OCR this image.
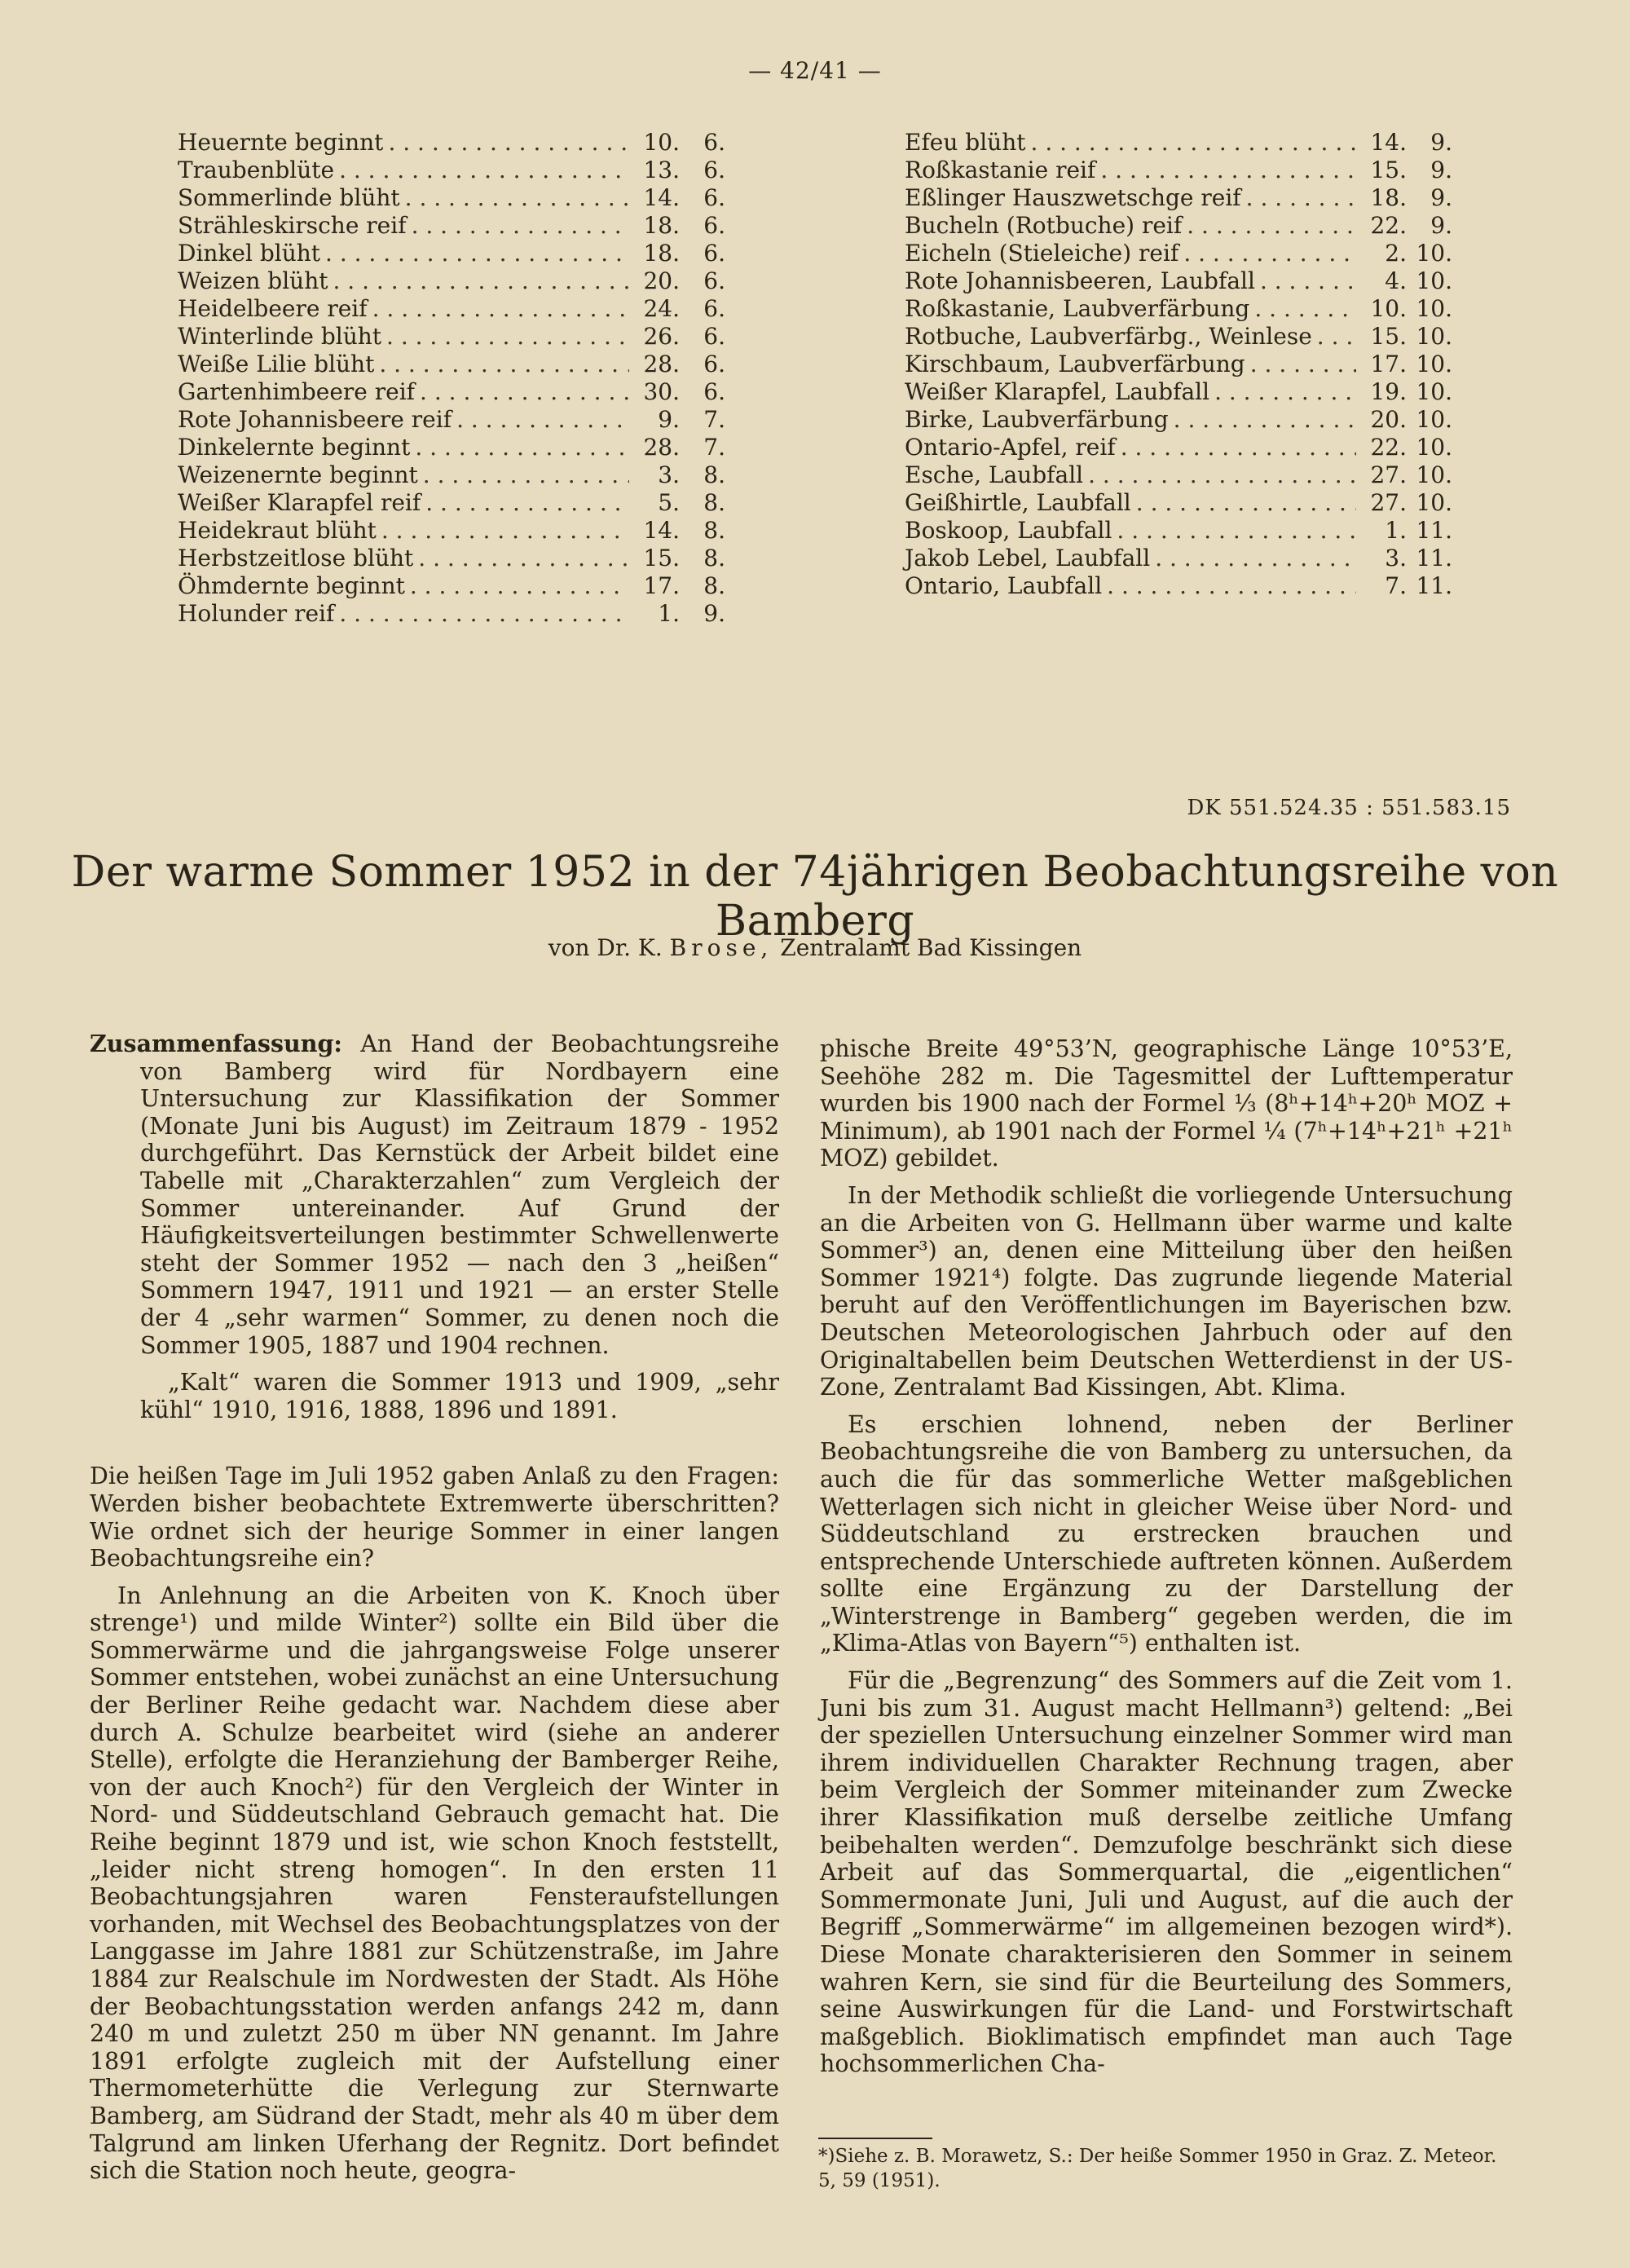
— 42/41 —
Heuernte beginnt . . .	10.	6.
Traubenblüte . . .	13.	6.
Sommerlinde blüht . . .	14.	6.
Strähleskirsche reif . . .	18.	6.
Dinkel blüht . . .	18.	6.
Weizen blüht . . .	20.	6.
Heidelbeere reif . . .	24.	6.
Winterlinde blüht . . .	26.	6.
Weiße Lilie blüht . . .	28.	6.
Gartenhimbeere reif . . .	30.	6.
Rote Johannisbeere reif . . .	9.	7.
Dinkelernte beginnt . . .	28.	7.
Weizenernte beginnt . . .	3.	8.
Weißer Klarapfel reif . . .	5.	8.
Heidekraut blüht . . .	14.	8.
Herbstzeitlose blüht . . .	15.	8.
Öhmdernte beginnt . . .	17.	8.
Holunder reif . . .	1.	9.
Efeu blüht . . .	14.	9.
Roßkastanie reif . . .	15.	9.
Eßlinger Hauszwetschge reif . . .	18.	9.
Bucheln (Rotbuche) reif . . .	22.	9.
Eicheln (Stieleiche) reif . . .	2. 10.
Rote Johannisbeeren, Laubfall . . .	4. 10.
Roßkastanie, Laubverfärbung . . .	10. 10.
Rotbuche, Laubverfärbg., Weinlese . . .	15. 10.
Kirschbaum, Laubverfärbung . . .	17. 10.
Weißer Klarapfel, Laubfall . . .	19. 10.
Birke, Laubverfärbung . . .	20. 10.
Ontario-Apfel, reif . . .	22. 10.
Esche, Laubfall . . .	27. 10.
Geißhirtle, Laubfall . . .	27. 10.
Boskoop, Laubfall . . .	1. 11.
Jakob Lebel, Laubfall . . .	3. 11.
Ontario, Laubfall . . .	7. 11.
DK 551.524.35 : 551.583.15
Der warme Sommer 1952 in der 74jährigen Beobachtungsreihe von Bamberg
von Dr. K. Brose, Zentralamt Bad Kissingen

Zusammenfassung: An Hand der Beobachtungsreihe von Bamberg wird für Nordbayern eine Untersuchung zur Klassifikation der Sommer (Monate Juni bis August) im Zeitraum 1879 - 1952 durchgeführt. Das Kernstück der Arbeit bildet eine Tabelle mit „Charakterzahlen“ zum Vergleich der Sommer untereinander. Auf Grund der Häufigkeitsverteilungen bestimmter Schwellenwerte steht der Sommer 1952 — nach den 3 „heißen“ Sommern 1947, 1911 und 1921 — an erster Stelle der 4 „sehr warmen“ Sommer, zu denen noch die Sommer 1905, 1887 und 1904 rechnen.

„Kalt“ waren die Sommer 1913 und 1909, „sehr kühl“ 1910, 1916, 1888, 1896 und 1891.

Die heißen Tage im Juli 1952 gaben Anlaß zu den Fragen: Werden bisher beobachtete Extremwerte überschritten? Wie ordnet sich der heurige Sommer in einer langen Beobachtungsreihe ein?

In Anlehnung an die Arbeiten von K. Knoch über strenge¹) und milde Winter²) sollte ein Bild über die Sommerwärme und die jahrgangsweise Folge unserer Sommer entstehen, wobei zunächst an eine Untersuchung der Berliner Reihe gedacht war. Nachdem diese aber durch A. Schulze bearbeitet wird (siehe an anderer Stelle), erfolgte die Heranziehung der Bamberger Reihe, von der auch Knoch²) für den Vergleich der Winter in Nord- und Süddeutschland Gebrauch gemacht hat. Die Reihe beginnt 1879 und ist, wie schon Knoch feststellt, „leider nicht streng homogen“. In den ersten 11 Beobachtungsjahren waren Fensteraufstellungen vorhanden, mit Wechsel des Beobachtungsplatzes von der Langgasse im Jahre 1881 zur Schützenstraße, im Jahre 1884 zur Realschule im Nordwesten der Stadt. Als Höhe der Beobachtungsstation werden anfangs 242 m, dann 240 m und zuletzt 250 m über NN genannt. Im Jahre 1891 erfolgte zugleich mit der Aufstellung einer Thermometerhütte die Verlegung zur Sternwarte Bamberg, am Südrand der Stadt, mehr als 40 m über dem Talgrund am linken Uferhang der Regnitz. Dort befindet sich die Station noch heute, geogra-

phische Breite 49°53’N, geographische Länge 10°53’E, Seehöhe 282 m. Die Tagesmittel der Lufttemperatur wurden bis 1900 nach der Formel ⅓ (8ʰ+14ʰ+20ʰ MOZ + Minimum), ab 1901 nach der Formel ¼ (7ʰ+14ʰ+21ʰ +21ʰ MOZ) gebildet.

In der Methodik schließt die vorliegende Untersuchung an die Arbeiten von G. Hellmann über warme und kalte Sommer³) an, denen eine Mitteilung über den heißen Sommer 1921⁴) folgte. Das zugrunde liegende Material beruht auf den Veröffentlichungen im Bayerischen bzw. Deutschen Meteorologischen Jahrbuch oder auf den Originaltabellen beim Deutschen Wetterdienst in der US-Zone, Zentralamt Bad Kissingen, Abt. Klima.

Es erschien lohnend, neben der Berliner Beobachtungsreihe die von Bamberg zu untersuchen, da auch die für das sommerliche Wetter maßgeblichen Wetterlagen sich nicht in gleicher Weise über Nord- und Süddeutschland zu erstrecken brauchen und entsprechende Unterschiede auftreten können. Außerdem sollte eine Ergänzung zu der Darstellung der „Winterstrenge in Bamberg“ gegeben werden, die im „Klima-Atlas von Bayern“⁵) enthalten ist.

Für die „Begrenzung“ des Sommers auf die Zeit vom 1. Juni bis zum 31. August macht Hellmann³) geltend: „Bei der speziellen Untersuchung einzelner Sommer wird man ihrem individuellen Charakter Rechnung tragen, aber beim Vergleich der Sommer miteinander zum Zwecke ihrer Klassifikation muß derselbe zeitliche Umfang beibehalten werden“. Demzufolge beschränkt sich diese Arbeit auf das Sommerquartal, die „eigentlichen“ Sommermonate Juni, Juli und August, auf die auch der Begriff „Sommerwärme“ im allgemeinen bezogen wird*). Diese Monate charakterisieren den Sommer in seinem wahren Kern, sie sind für die Beurteilung des Sommers, seine Auswirkungen für die Land- und Forstwirtschaft maßgeblich. Bioklimatisch empfindet man auch Tage hochsommerlichen Cha-

*)Siehe z. B. Morawetz, S.: Der heiße Sommer 1950 in Graz. Z. Meteor. 5, 59 (1951).
